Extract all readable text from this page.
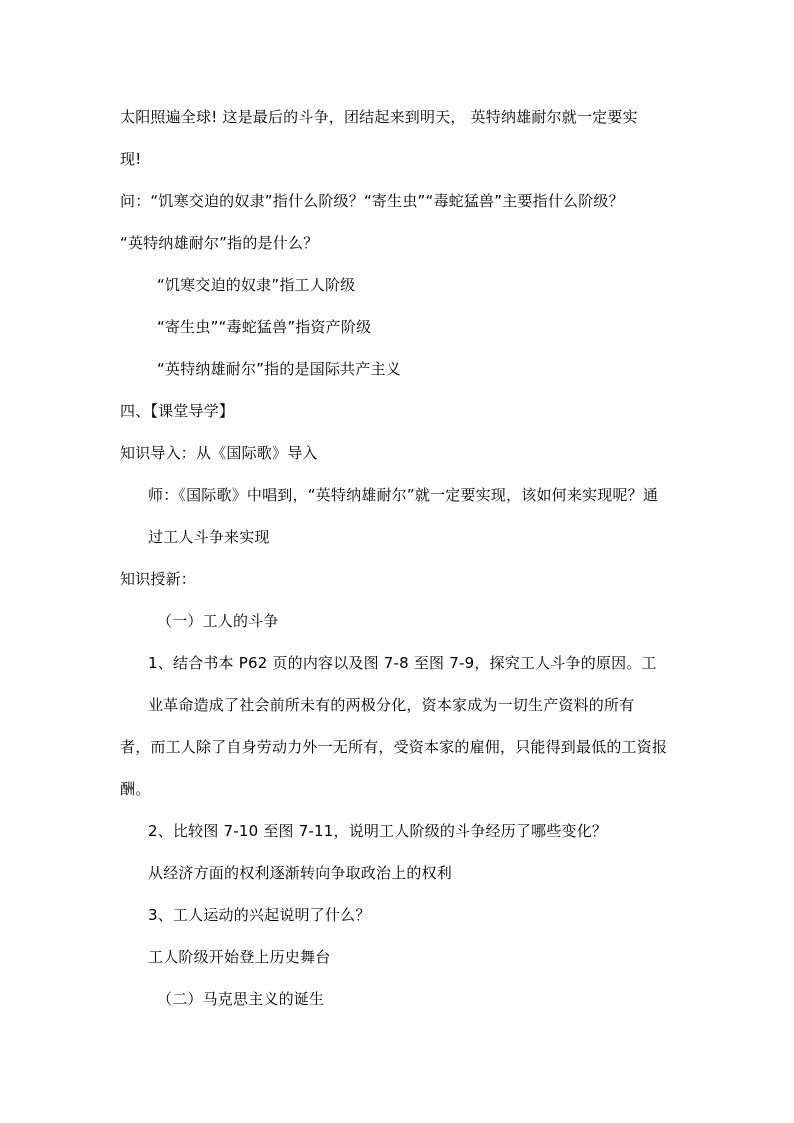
太阳照遍全球! 这是最后的斗争，团结起来到明天， 英特纳雄耐尔就一定要实
现!
问：“饥寒交迫的奴隶”指什么阶级？“寄生虫”“毒蛇猛兽”主要指什么阶级？
“英特纳雄耐尔”指的是什么？
“饥寒交迫的奴隶”指工人阶级
“寄生虫”“毒蛇猛兽”指资产阶级
“英特纳雄耐尔”指的是国际共产主义
四、【课堂导学】
知识导入：从《国际歌》导入
师：《国际歌》中唱到，“英特纳雄耐尔”就一定要实现，该如何来实现呢？通
过工人斗争来实现
知识授新：
（一）工人的斗争
1、结合书本 P62 页的内容以及图 7-8 至图 7-9，探究工人斗争的原因。工
业革命造成了社会前所未有的两极分化，资本家成为一切生产资料的所有
者，而工人除了自身劳动力外一无所有，受资本家的雇佣，只能得到最低的工资报
酬。
2、比较图 7-10 至图 7-11，说明工人阶级的斗争经历了哪些变化？
从经济方面的权利逐渐转向争取政治上的权利
3、工人运动的兴起说明了什么？
工人阶级开始登上历史舞台
（二）马克思主义的诞生
